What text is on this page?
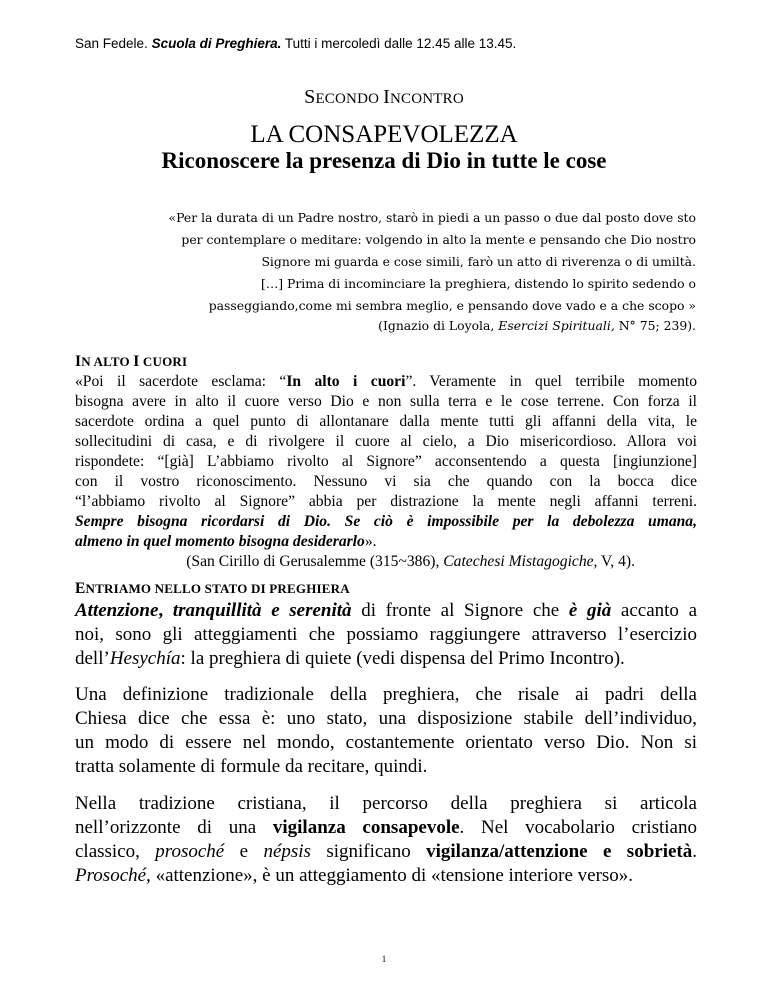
San Fedele. Scuola di Preghiera. Tutti i mercoledì dalle 12.45 alle 13.45.
SECONDO INCONTRO
LA CONSAPEVOLEZZA
Riconoscere la presenza di Dio in tutte le cose

«Per la durata di un Padre nostro, starò in piedi a un passo o due dal posto dove sto

per contemplare o meditare: volgendo in alto la mente e pensando che Dio nostro

Signore mi guarda e cose simili, farò un atto di riverenza o di umiltà.

[…] Prima di incominciare la preghiera, distendo lo spirito sedendo o

passeggiando,come mi sembra meglio, e pensando dove vado e a che scopo »

(Ignazio di Loyola, Esercizi Spirituali, N° 75; 239).
IN ALTO I CUORI
«Poi il sacerdote esclama: “In alto i cuori”. Veramente in quel terribile momento
bisogna avere in alto il cuore verso Dio e non sulla terra e le cose terrene. Con forza il
sacerdote ordina a quel punto di allontanare dalla mente tutti gli affanni della vita, le
sollecitudini di casa, e di rivolgere il cuore al cielo, a Dio misericordioso. Allora voi
rispondete: “[già] L’abbiamo rivolto al Signore” acconsentendo a questa [ingiunzione]
con il vostro riconoscimento. Nessuno vi sia che quando con la bocca dice
“l’abbiamo rivolto al Signore” abbia per distrazione la mente negli affanni terreni.
Sempre bisogna ricordarsi di Dio. Se ciò è impossibile per la debolezza umana,
almeno in quel momento bisogna desiderarlo».
(San Cirillo di Gerusalemme (315~386), Catechesi Mistagogiche, V, 4).
ENTRIAMO NELLO STATO DI PREGHIERA
Attenzione, tranquillità e serenità di fronte al Signore che è già accanto a
noi, sono gli atteggiamenti che possiamo raggiungere attraverso l’esercizio
dell’Hesychía: la preghiera di quiete (vedi dispensa del Primo Incontro).
Una definizione tradizionale della preghiera, che risale ai padri della
Chiesa dice che essa è: uno stato, una disposizione stabile dell’individuo,
un modo di essere nel mondo, costantemente orientato verso Dio. Non si
tratta solamente di formule da recitare, quindi.
Nella tradizione cristiana, il percorso della preghiera si articola
nell’orizzonte di una vigilanza consapevole. Nel vocabolario cristiano
classico, prosoché e népsis significano vigilanza/attenzione e sobrietà.
Prosoché, «attenzione», è un atteggiamento di «tensione interiore verso».
1
